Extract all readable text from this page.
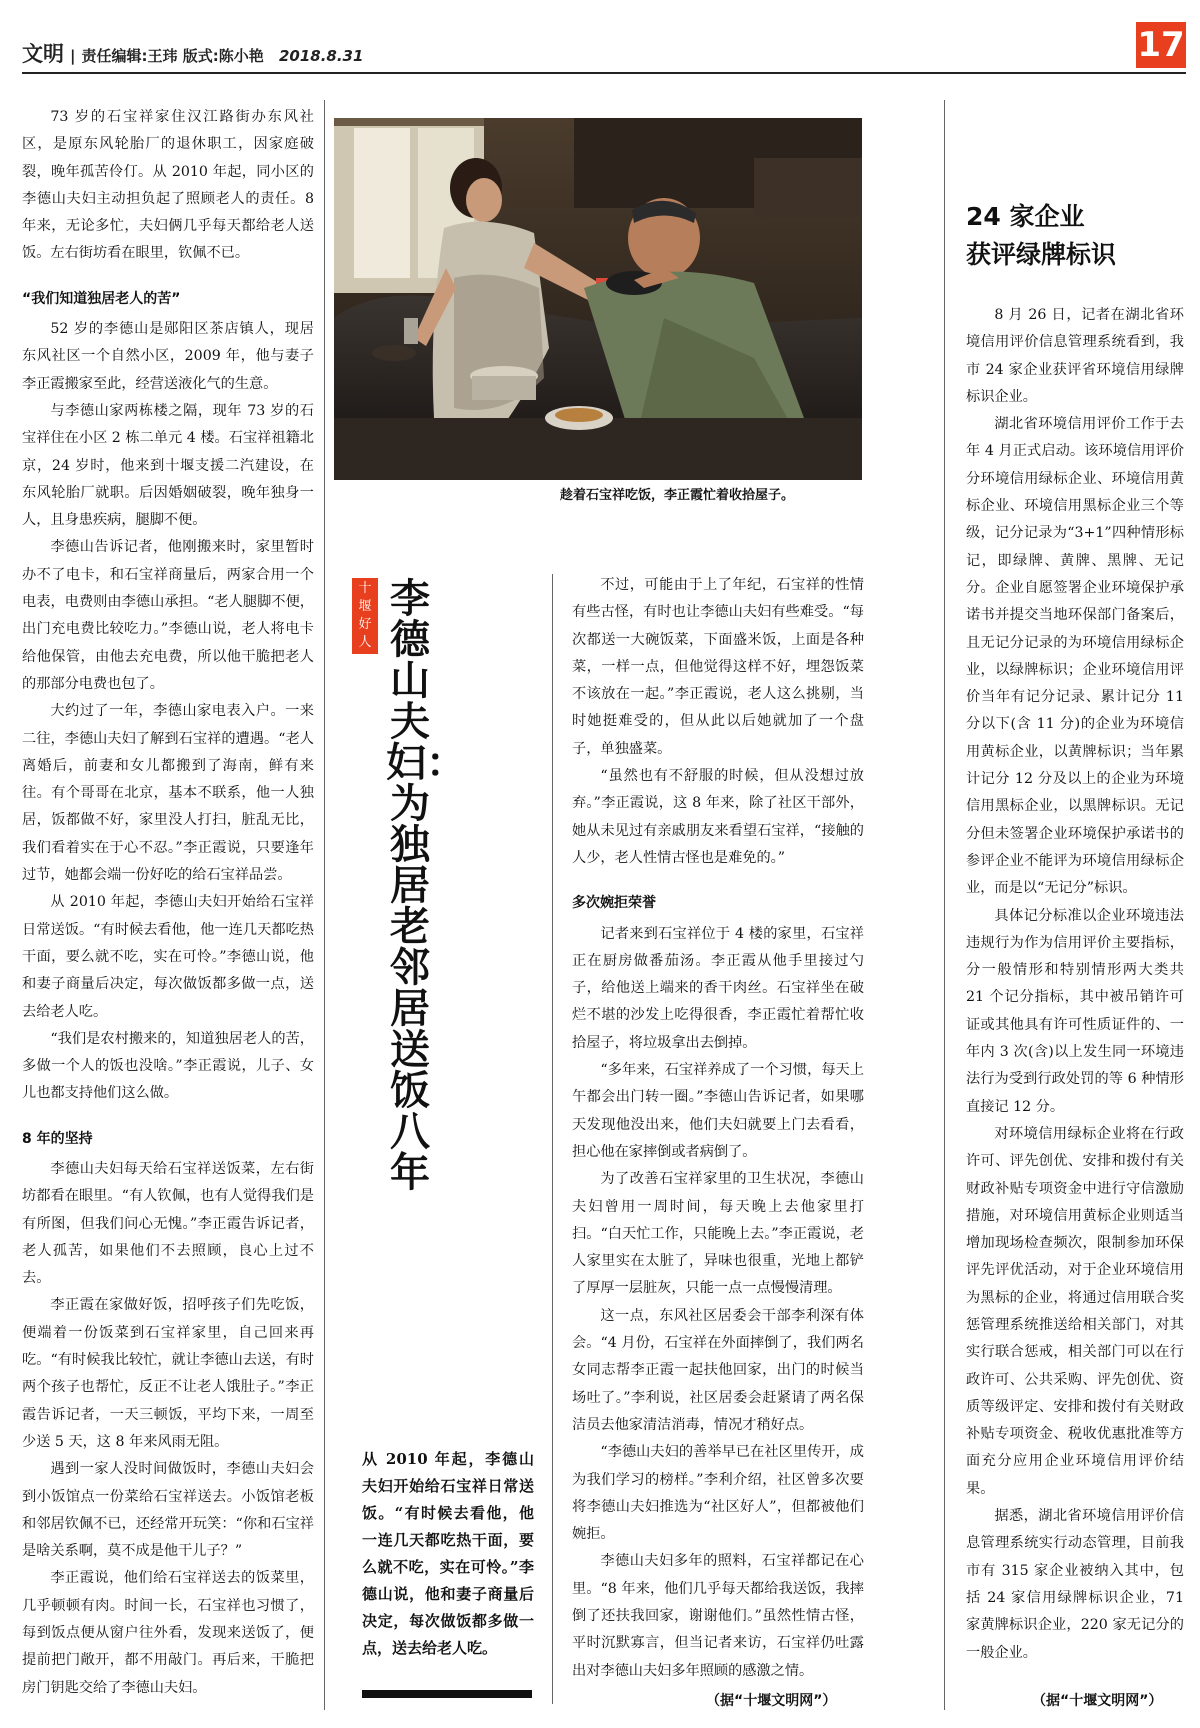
文明 | 责任编辑:王玮 版式:陈小艳 2018.8.31	17

73 岁的石宝祥家住汉江路街办东风社区，是原东风轮胎厂的退休职工，因家庭破裂，晚年孤苦伶仃。从 2010 年起，同小区的李德山夫妇主动担负起了照顾老人的责任。8 年来，无论多忙，夫妇俩几乎每天都给老人送饭。左右街坊看在眼里，钦佩不已。

“我们知道独居老人的苦”

52 岁的李德山是郧阳区茶店镇人，现居东风社区一个自然小区，2009 年，他与妻子李正霞搬家至此，经营送液化气的生意。

与李德山家两栋楼之隔，现年 73 岁的石宝祥住在小区 2 栋二单元 4 楼。石宝祥祖籍北京，24 岁时，他来到十堰支援二汽建设，在东风轮胎厂就职。后因婚姻破裂，晚年独身一人，且身患疾病，腿脚不便。

李德山告诉记者，他刚搬来时，家里暂时办不了电卡，和石宝祥商量后，两家合用一个电表，电费则由李德山承担。“老人腿脚不便，出门充电费比较吃力。”李德山说，老人将电卡给他保管，由他去充电费，所以他干脆把老人的那部分电费也包了。

大约过了一年，李德山家电表入户。一来二往，李德山夫妇了解到石宝祥的遭遇。“老人离婚后，前妻和女儿都搬到了海南，鲜有来往。有个哥哥在北京，基本不联系，他一人独居，饭都做不好，家里没人打扫，脏乱无比，我们看着实在于心不忍。”李正霞说，只要逢年过节，她都会端一份好吃的给石宝祥品尝。

从 2010 年起，李德山夫妇开始给石宝祥日常送饭。“有时候去看他，他一连几天都吃热干面，要么就不吃，实在可怜。”李德山说，他和妻子商量后决定，每次做饭都多做一点，送去给老人吃。

“我们是农村搬来的，知道独居老人的苦，多做一个人的饭也没啥。”李正霞说，儿子、女儿也都支持他们这么做。

8 年的坚持

李德山夫妇每天给石宝祥送饭菜，左右街坊都看在眼里。“有人钦佩，也有人觉得我们是有所图，但我们问心无愧。”李正霞告诉记者，老人孤苦，如果他们不去照顾，良心上过不去。

李正霞在家做好饭，招呼孩子们先吃饭，便端着一份饭菜到石宝祥家里，自己回来再吃。“有时候我比较忙，就让李德山去送，有时两个孩子也帮忙，反正不让老人饿肚子。”李正霞告诉记者，一天三顿饭，平均下来，一周至少送 5 天，这 8 年来风雨无阻。

遇到一家人没时间做饭时，李德山夫妇会到小饭馆点一份菜给石宝祥送去。小饭馆老板和邻居钦佩不已，还经常开玩笑：“你和石宝祥是啥关系啊，莫不成是他干儿子？”

李正霞说，他们给石宝祥送去的饭菜里，几乎顿顿有肉。时间一长，石宝祥也习惯了，每到饭点便从窗户往外看，发现来送饭了，便提前把门敞开，都不用敲门。再后来，干脆把房门钥匙交给了李德山夫妇。

趁着石宝祥吃饭，李正霞忙着收拾屋子。
十堰好人
李德山夫妇：为独居老邻居送饭八年
从 2010 年起，李德山夫妇开始给石宝祥日常送饭。“有时候去看他，他一连几天都吃热干面，要么就不吃，实在可怜。”李德山说，他和妻子商量后决定，每次做饭都多做一点，送去给老人吃。

不过，可能由于上了年纪，石宝祥的性情有些古怪，有时也让李德山夫妇有些难受。“每次都送一大碗饭菜，下面盛米饭，上面是各种菜，一样一点，但他觉得这样不好，埋怨饭菜不该放在一起。”李正霞说，老人这么挑剔，当时她挺难受的，但从此以后她就加了一个盘子，单独盛菜。

“虽然也有不舒服的时候，但从没想过放弃。”李正霞说，这 8 年来，除了社区干部外，她从未见过有亲戚朋友来看望石宝祥，“接触的人少，老人性情古怪也是难免的。”

多次婉拒荣誉

记者来到石宝祥位于 4 楼的家里，石宝祥正在厨房做番茄汤。李正霞从他手里接过勺子，给他送上端来的香干肉丝。石宝祥坐在破烂不堪的沙发上吃得很香，李正霞忙着帮忙收拾屋子，将垃圾拿出去倒掉。

“多年来，石宝祥养成了一个习惯，每天上午都会出门转一圈。”李德山告诉记者，如果哪天发现他没出来，他们夫妇就要上门去看看，担心他在家摔倒或者病倒了。

为了改善石宝祥家里的卫生状况，李德山夫妇曾用一周时间，每天晚上去他家里打扫。“白天忙工作，只能晚上去。”李正霞说，老人家里实在太脏了，异味也很重，光地上都铲了厚厚一层脏灰，只能一点一点慢慢清理。

这一点，东风社区居委会干部李利深有体会。“4 月份，石宝祥在外面摔倒了，我们两名女同志帮李正霞一起扶他回家，出门的时候当场吐了。”李利说，社区居委会赶紧请了两名保洁员去他家清洁消毒，情况才稍好点。

“李德山夫妇的善举早已在社区里传开，成为我们学习的榜样。”李利介绍，社区曾多次要将李德山夫妇推选为“社区好人”，但都被他们婉拒。

李德山夫妇多年的照料，石宝祥都记在心里。“8 年来，他们几乎每天都给我送饭，我摔倒了还扶我回家，谢谢他们。”虽然性情古怪，平时沉默寡言，但当记者来访，石宝祥仍吐露出对李德山夫妇多年照顾的感激之情。

（据“十堰文明网”）
24 家企业
获评绿牌标识

8 月 26 日，记者在湖北省环境信用评价信息管理系统看到，我市 24 家企业获评省环境信用绿牌标识企业。

湖北省环境信用评价工作于去年 4 月正式启动。该环境信用评价分环境信用绿标企业、环境信用黄标企业、环境信用黑标企业三个等级，记分记录为“3+1”四种情形标记，即绿牌、黄牌、黑牌、无记分。企业自愿签署企业环境保护承诺书并提交当地环保部门备案后，且无记分记录的为环境信用绿标企业，以绿牌标识；企业环境信用评价当年有记分记录、累计记分 11 分以下(含 11 分)的企业为环境信用黄标企业，以黄牌标识；当年累计记分 12 分及以上的企业为环境信用黑标企业，以黑牌标识。无记分但未签署企业环境保护承诺书的参评企业不能评为环境信用绿标企业，而是以“无记分”标识。

具体记分标准以企业环境违法违规行为作为信用评价主要指标，分一般情形和特别情形两大类共 21 个记分指标，其中被吊销许可证或其他具有许可性质证件的、一年内 3 次(含)以上发生同一环境违法行为受到行政处罚的等 6 种情形直接记 12 分。

对环境信用绿标企业将在行政许可、评先创优、安排和拨付有关财政补贴专项资金中进行守信激励措施，对环境信用黄标企业则适当增加现场检查频次，限制参加环保评先评优活动，对于企业环境信用为黑标的企业，将通过信用联合奖惩管理系统推送给相关部门，对其实行联合惩戒，相关部门可以在行政许可、公共采购、评先创优、资质等级评定、安排和拨付有关财政补贴专项资金、税收优惠批准等方面充分应用企业环境信用评价结果。

据悉，湖北省环境信用评价信息管理系统实行动态管理，目前我市有 315 家企业被纳入其中，包括 24 家信用绿牌标识企业，71 家黄牌标识企业，220 家无记分的一般企业。

（据“十堰文明网”）
